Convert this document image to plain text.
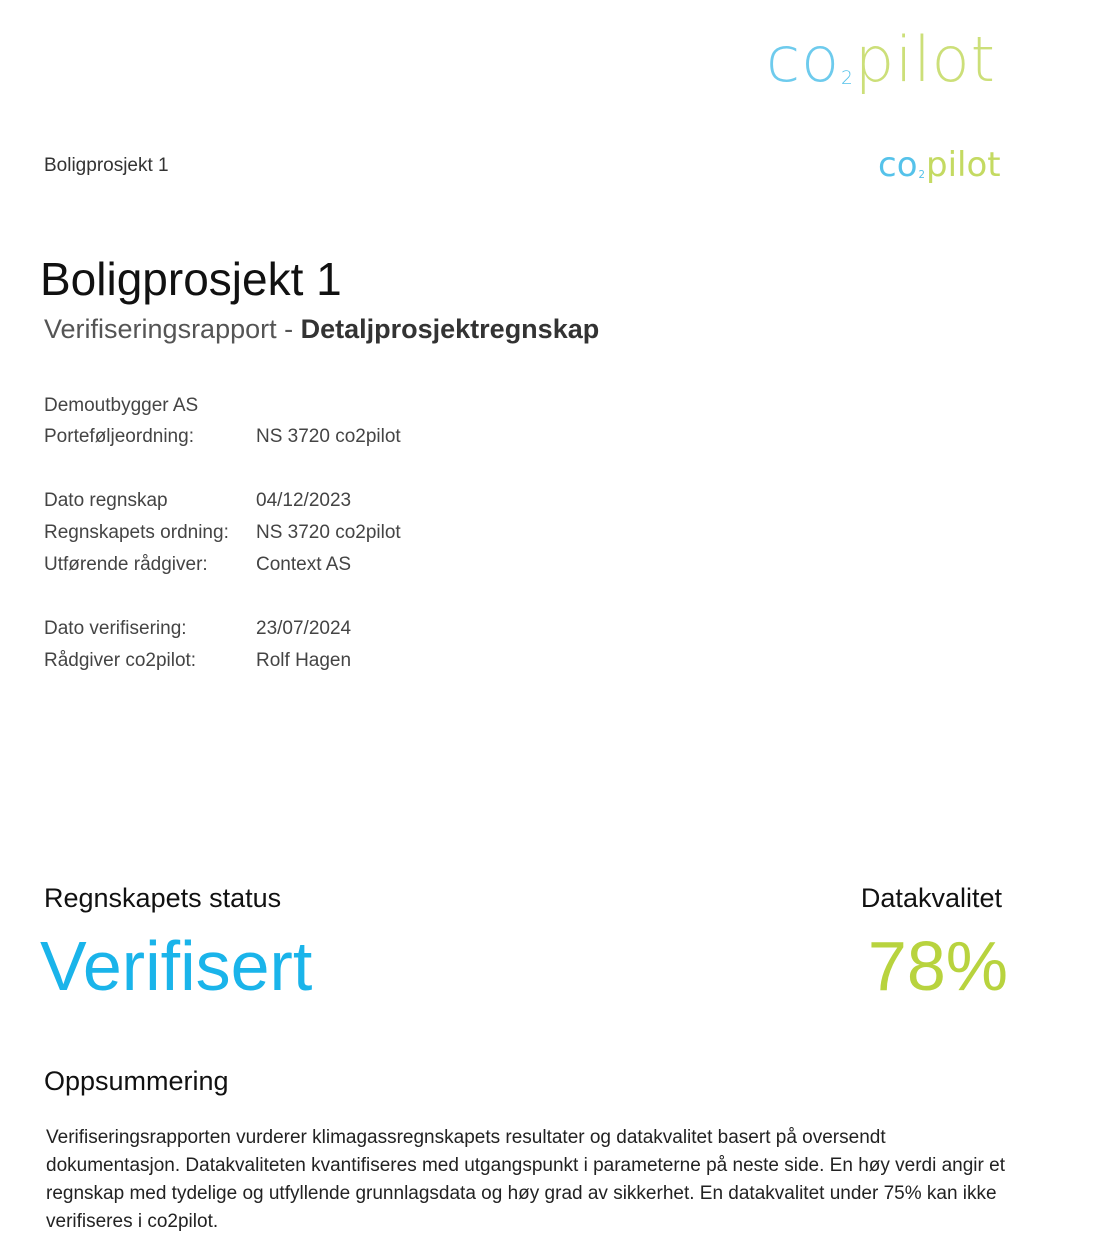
co2pilot
co2pilot
Boligprosjekt 1
Boligprosjekt 1
Verifiseringsrapport - Detaljprosjektregnskap
Demoutbygger AS
Porteføljeordning:	NS 3720 co2pilot
Dato regnskap	04/12/2023
Regnskapets ordning: NS 3720 co2pilot
Utførende rådgiver:	Context AS
Dato verifisering:	23/07/2024
Rådgiver co2pilot:	Rolf Hagen
Regnskapets status
Verifisert
Datakvalitet
78%
Oppsummering
Verifiseringsrapporten vurderer klimagassregnskapets resultater og datakvalitet basert på oversendt dokumentasjon. Datakvaliteten kvantifiseres med utgangspunkt i parameterne på neste side. En høy verdi angir et regnskap med tydelige og utfyllende grunnlagsdata og høy grad av sikkerhet. En datakvalitet under 75% kan ikke verifiseres i co2pilot.
